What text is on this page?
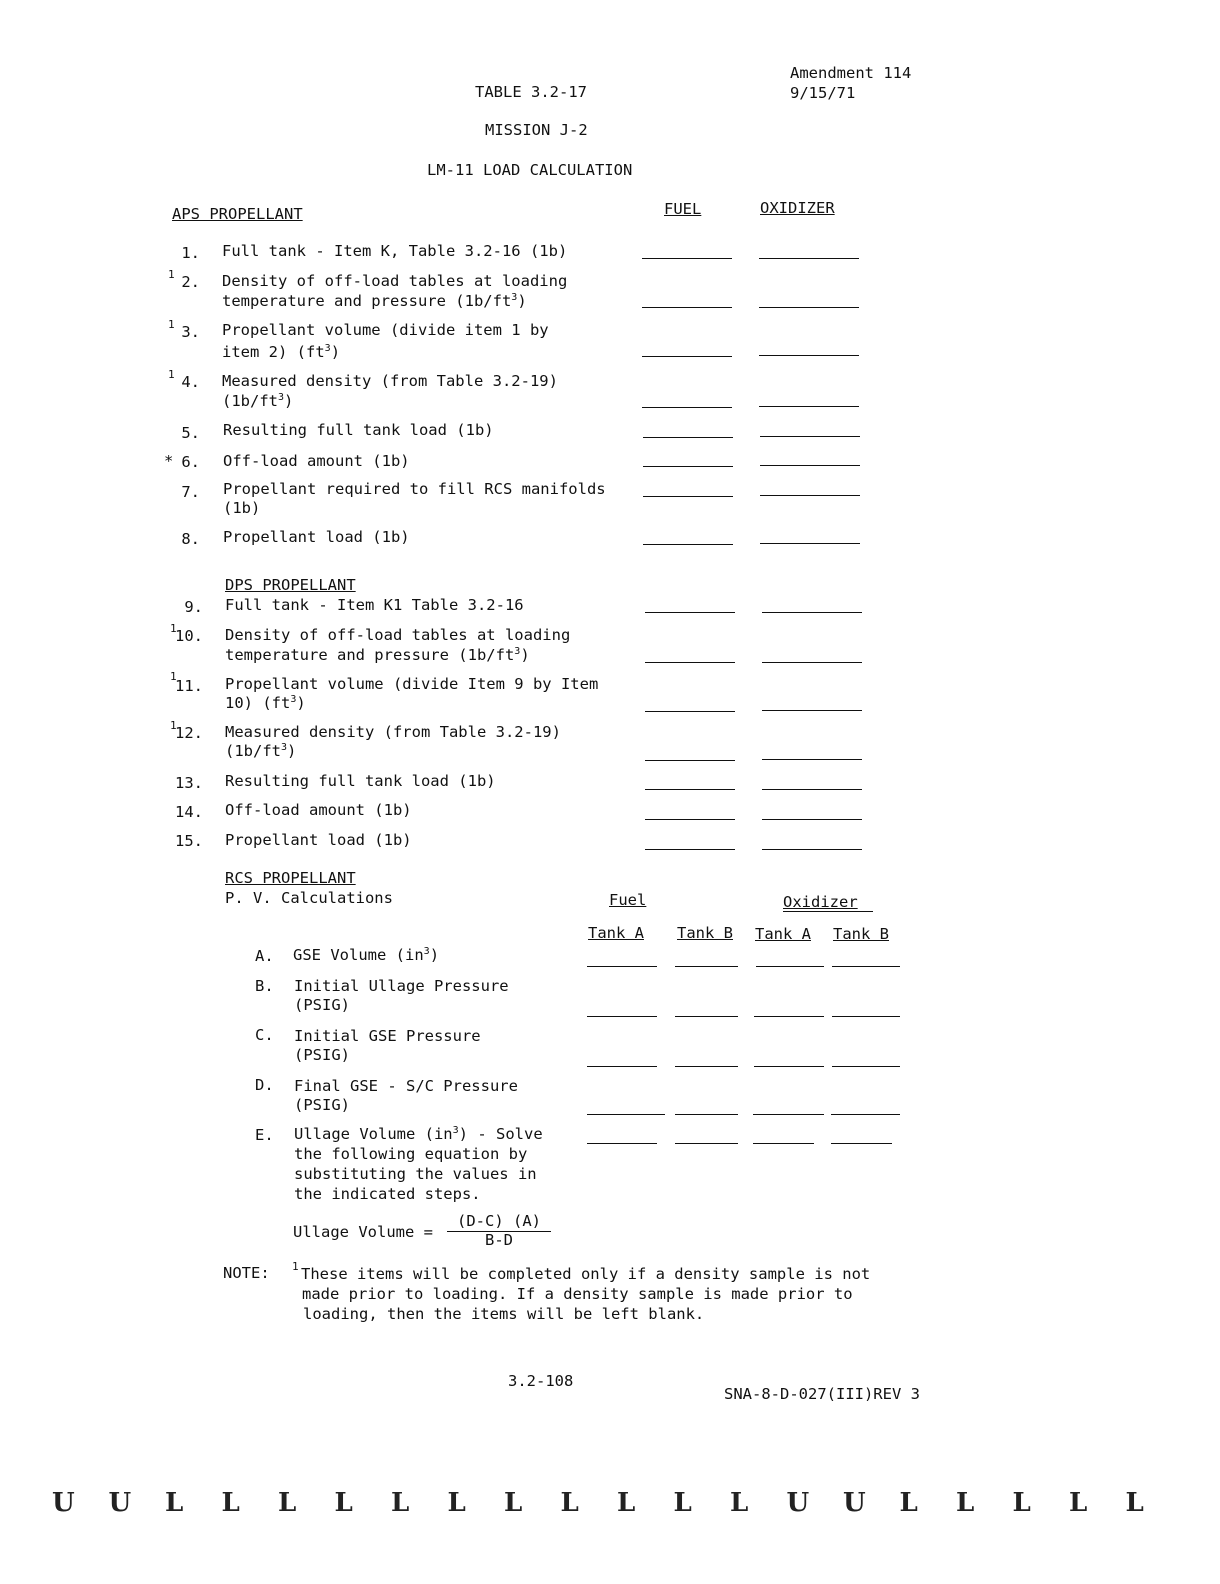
Amendment 114
9/15/71
TABLE 3.2-17
MISSION J-2
LM-11 LOAD CALCULATION
APS PROPELLANT	FUEL	OXIDIZER
1. Full tank - Item K, Table 3.2-16 (1b)
1 2. Density of off-load tables at loading
temperature and pressure $(1b/ft^3)$
1 3. Propellant volume (divide item 1 by
item 2) $(ft^3)$
1 4. Measured density (from Table 3.2-19)
$(1b/ft^3)$
5. Resulting full tank load (1b)
* 6. Off-load amount (1b)
7. Propellant required to fill RCS manifolds
(1b)
8. Propellant load (1b)
DPS PROPELLANT
9. Full tank - Item K1 Table 3.2-16
1
10. Density of off-load tables at loading
temperature and pressure $(1b/ft^3)$
1
11. Propellant volume (divide Item 9 by Item
10) $(ft^3)$
1
12. Measured density (from Table 3.2-19)
$(1b/ft^3)$
13. Resulting full tank load (1b)
14. Off-load amount (1b)
15. Propellant load (1b)
RCS PROPELLANT
P. V. Calculations	Fuel	Oxidizer
Tank A Tank B Tank A Tank B
A. GSE Volume $(in^3)$
B. Initial Ullage Pressure
(PSIG)
C. Initial GSE Pressure
(PSIG)
D. Final GSE - S/C Pressure
(PSIG)
E. Ullage Volume $(in^3)$ - Solve
the following equation by
substituting the values in
the indicated steps.
Ullage Volume = $\frac{(D-C) (A)}{B-D}$
NOTE: 1 These items will be completed only if a density sample is not
made prior to loading. If a density sample is made prior to
loading, then the items will be left blank.
3.2-108
SNA-8-D-027(III)REV 3
U U L L L L L L L L L L L U U L L L L L
